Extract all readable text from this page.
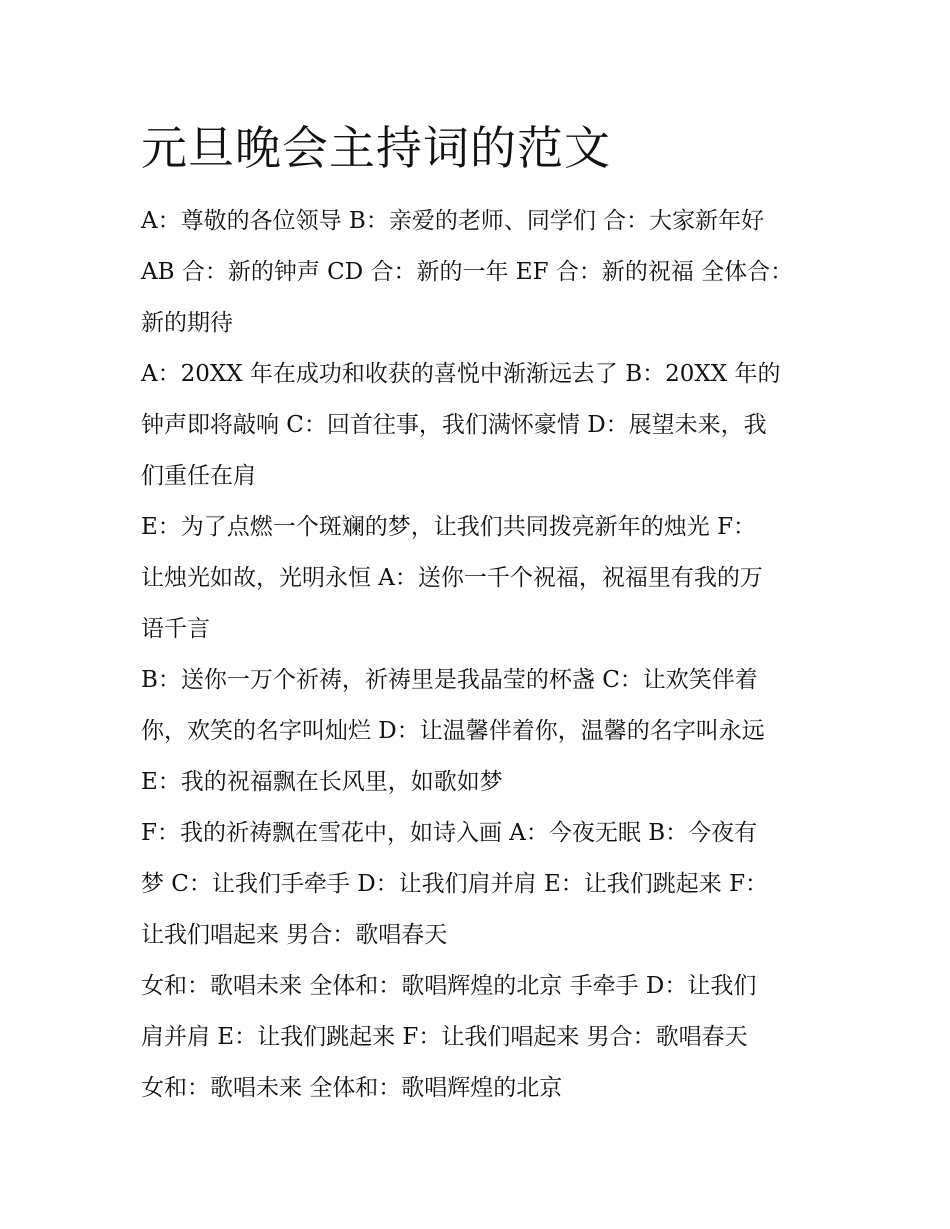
元旦晚会主持词的范文

A：尊敬的各位领导 B：亲爱的老师、同学们 合：大家新年好

AB 合：新的钟声 CD 合：新的一年 EF 合：新的祝福 全体合：

新的期待

A：20XX 年在成功和收获的喜悦中渐渐远去了 B：20XX 年的

钟声即将敲响 C：回首往事，我们满怀豪情 D：展望未来，我

们重任在肩

E：为了点燃一个斑斓的梦，让我们共同拨亮新年的烛光 F：

让烛光如故，光明永恒 A：送你一千个祝福，祝福里有我的万

语千言

B：送你一万个祈祷，祈祷里是我晶莹的杯盏 C：让欢笑伴着

你，欢笑的名字叫灿烂 D：让温馨伴着你，温馨的名字叫永远

E：我的祝福飘在长风里，如歌如梦

F：我的祈祷飘在雪花中，如诗入画 A：今夜无眠 B：今夜有

梦 C：让我们手牵手 D：让我们肩并肩 E：让我们跳起来 F：

让我们唱起来 男合：歌唱春天

女和：歌唱未来 全体和：歌唱辉煌的北京 手牵手 D：让我们

肩并肩 E：让我们跳起来 F：让我们唱起来 男合：歌唱春天

女和：歌唱未来 全体和：歌唱辉煌的北京
